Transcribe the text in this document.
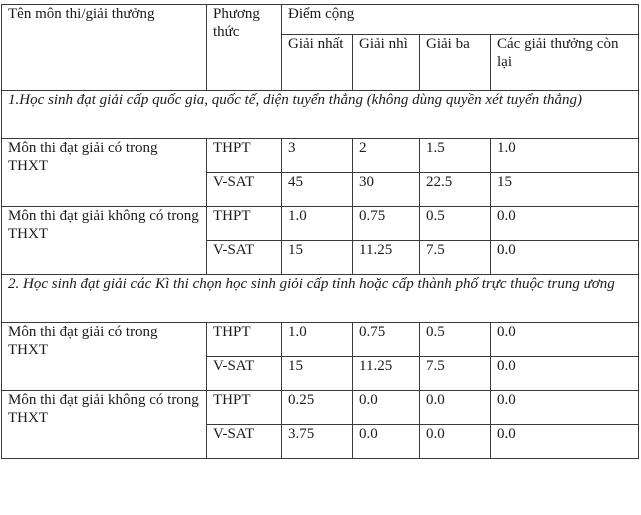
Tên môn thi/giải thưởng	Phương thức	Điểm cộng			
		Giải nhất	Giải nhì	Giải ba	Các giải thưởng còn lại
1.Học sinh đạt giải cấp quốc gia, quốc tế, diện tuyển thẳng (không dùng quyền xét tuyển thẳng)					
Môn thi đạt giải có trong THXT	THPT	3	2	1.5	1.0
	V-SAT	45	30	22.5	15
Môn thi đạt giải không có trong THXT	THPT	1.0	0.75	0.5	0.0
	V-SAT	15	11.25	7.5	0.0
2. Học sinh đạt giải các Kì thi chọn học sinh giỏi cấp tỉnh hoặc cấp thành phố trực thuộc trung ương					
Môn thi đạt giải có trong THXT	THPT	1.0	0.75	0.5	0.0
	V-SAT	15	11.25	7.5	0.0
Môn thi đạt giải không có trong THXT	THPT	0.25	0.0	0.0	0.0
	V-SAT	3.75	0.0	0.0	0.0
